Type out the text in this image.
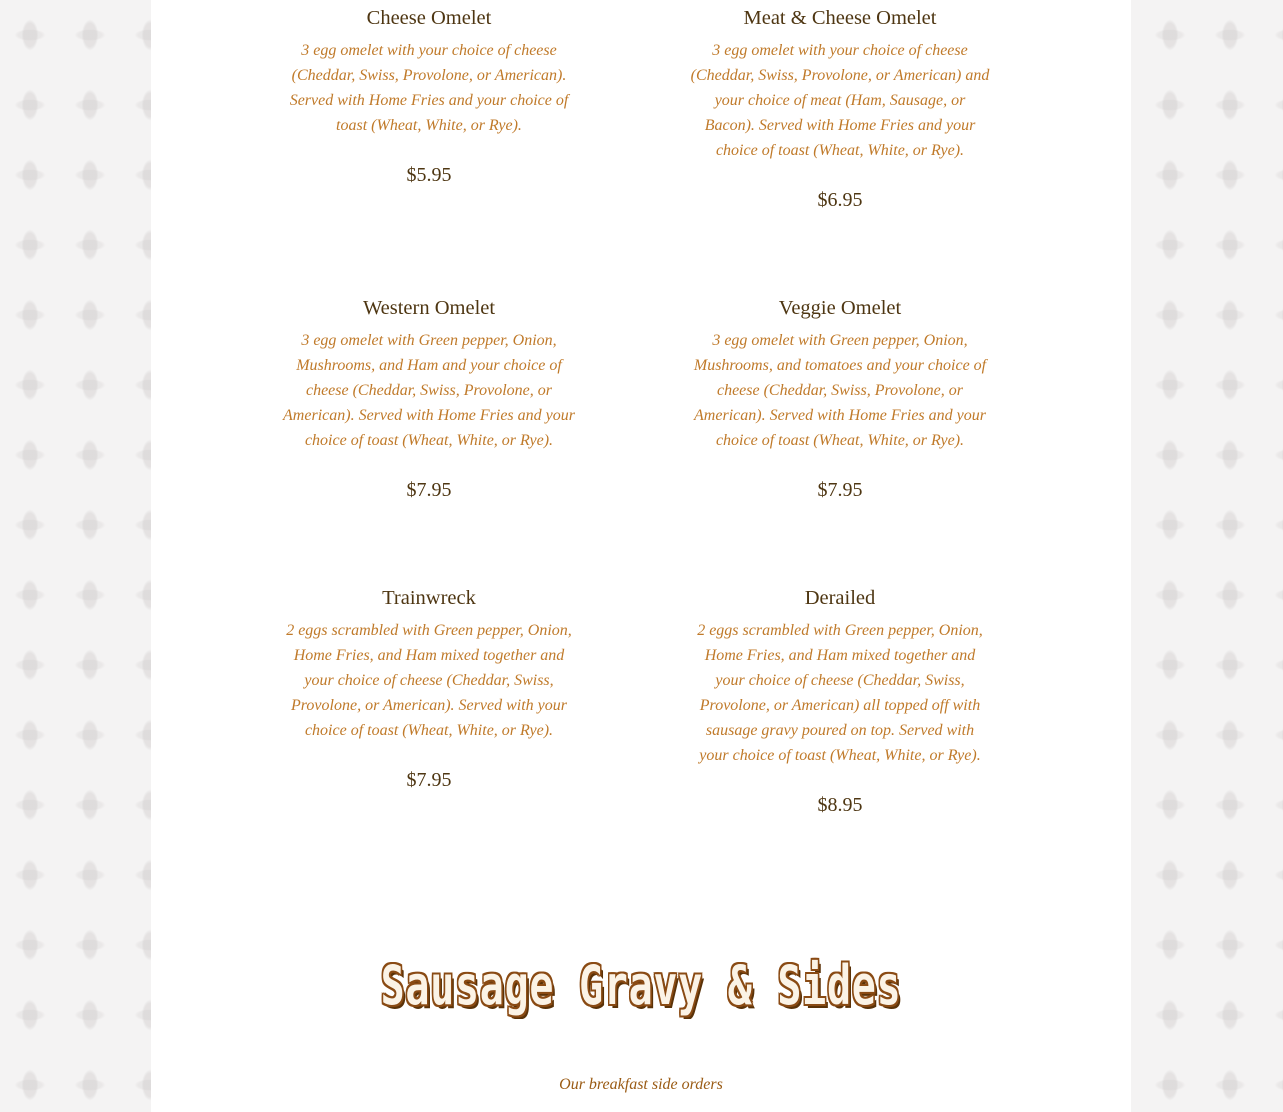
Cheese Omelet

3 egg omelet with your choice of cheese (Cheddar, Swiss, Provolone, or American). Served with Home Fries and your choice of toast (Wheat, White, or Rye).

$5.95

Meat & Cheese Omelet

3 egg omelet with your choice of cheese (Cheddar, Swiss, Provolone, or American) and your choice of meat (Ham, Sausage, or Bacon). Served with Home Fries and your choice of toast (Wheat, White, or Rye).

$6.95

Western Omelet

3 egg omelet with Green pepper, Onion, Mushrooms, and Ham and your choice of cheese (Cheddar, Swiss, Provolone, or American). Served with Home Fries and your choice of toast (Wheat, White, or Rye).

$7.95

Veggie Omelet

3 egg omelet with Green pepper, Onion, Mushrooms, and tomatoes and your choice of cheese (Cheddar, Swiss, Provolone, or American). Served with Home Fries and your choice of toast (Wheat, White, or Rye).

$7.95

Trainwreck

2 eggs scrambled with Green pepper, Onion, Home Fries, and Ham mixed together and your choice of cheese (Cheddar, Swiss, Provolone, or American). Served with your choice of toast (Wheat, White, or Rye).

$7.95

Derailed

2 eggs scrambled with Green pepper, Onion, Home Fries, and Ham mixed together and your choice of cheese (Cheddar, Swiss, Provolone, or American) all topped off with sausage gravy poured on top. Served with your choice of toast (Wheat, White, or Rye).

$8.95

Sausage Gravy & Sides

Our breakfast side orders
